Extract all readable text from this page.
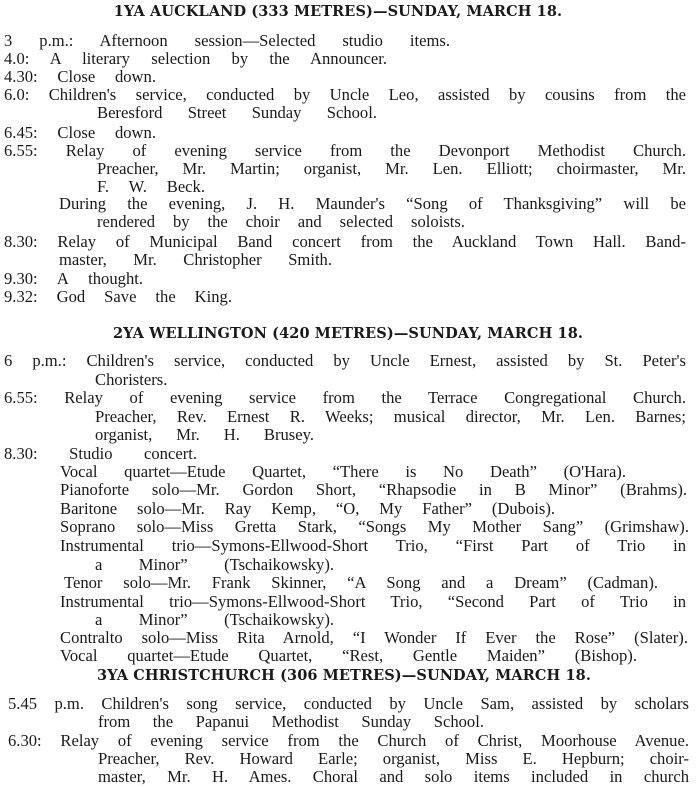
1YA AUCKLAND (333 METRES)—SUNDAY, MARCH 18.
3 p.m.: Afternoon session—Selected studio items.
4.0: A literary selection by the Announcer.
4.30: Close down.
6.0: Children's service, conducted by Uncle Leo, assisted by cousins from the
Beresford Street Sunday School.
6.45: Close down.
6.55: Relay of evening service from the Devonport Methodist Church.
Preacher, Mr. Martin; organist, Mr. Len. Elliott; choirmaster, Mr.
F. W. Beck.
During the evening, J. H. Maunder's “Song of Thanksgiving” will be
rendered by the choir and selected soloists.
8.30: Relay of Municipal Band concert from the Auckland Town Hall. Band-
master, Mr. Christopher Smith.
9.30: A thought.
9.32: God Save the King.
2YA WELLINGTON (420 METRES)—SUNDAY, MARCH 18.
6 p.m.: Children's service, conducted by Uncle Ernest, assisted by St. Peter's
Choristers.
6.55: Relay of evening service from the Terrace Congregational Church.
Preacher, Rev. Ernest R. Weeks; musical director, Mr. Len. Barnes;
organist, Mr. H. Brusey.
8.30: Studio concert.
Vocal quartet—Etude Quartet, “There is No Death” (O'Hara).
Pianoforte solo—Mr. Gordon Short, “Rhapsodie in B Minor” (Brahms).
Baritone solo—Mr. Ray Kemp, “O, My Father” (Dubois).
Soprano solo—Miss Gretta Stark, “Songs My Mother Sang” (Grimshaw).
Instrumental trio—Symons-Ellwood-Short Trio, “First Part of Trio in
a Minor” (Tschaikowsky).
Tenor solo—Mr. Frank Skinner, “A Song and a Dream” (Cadman).
Instrumental trio—Symons-Ellwood-Short Trio, “Second Part of Trio in
a Minor” (Tschaikowsky).
Contralto solo—Miss Rita Arnold, “I Wonder If Ever the Rose” (Slater).
Vocal quartet—Etude Quartet, “Rest, Gentle Maiden” (Bishop).
3YA CHRISTCHURCH (306 METRES)—SUNDAY, MARCH 18.
5.45 p.m. Children's song service, conducted by Uncle Sam, assisted by scholars
from the Papanui Methodist Sunday School.
6.30: Relay of evening service from the Church of Christ, Moorhouse Avenue.
Preacher, Rev. Howard Earle; organist, Miss E. Hepburn; choir-
master, Mr. H. Ames. Choral and solo items included in church
